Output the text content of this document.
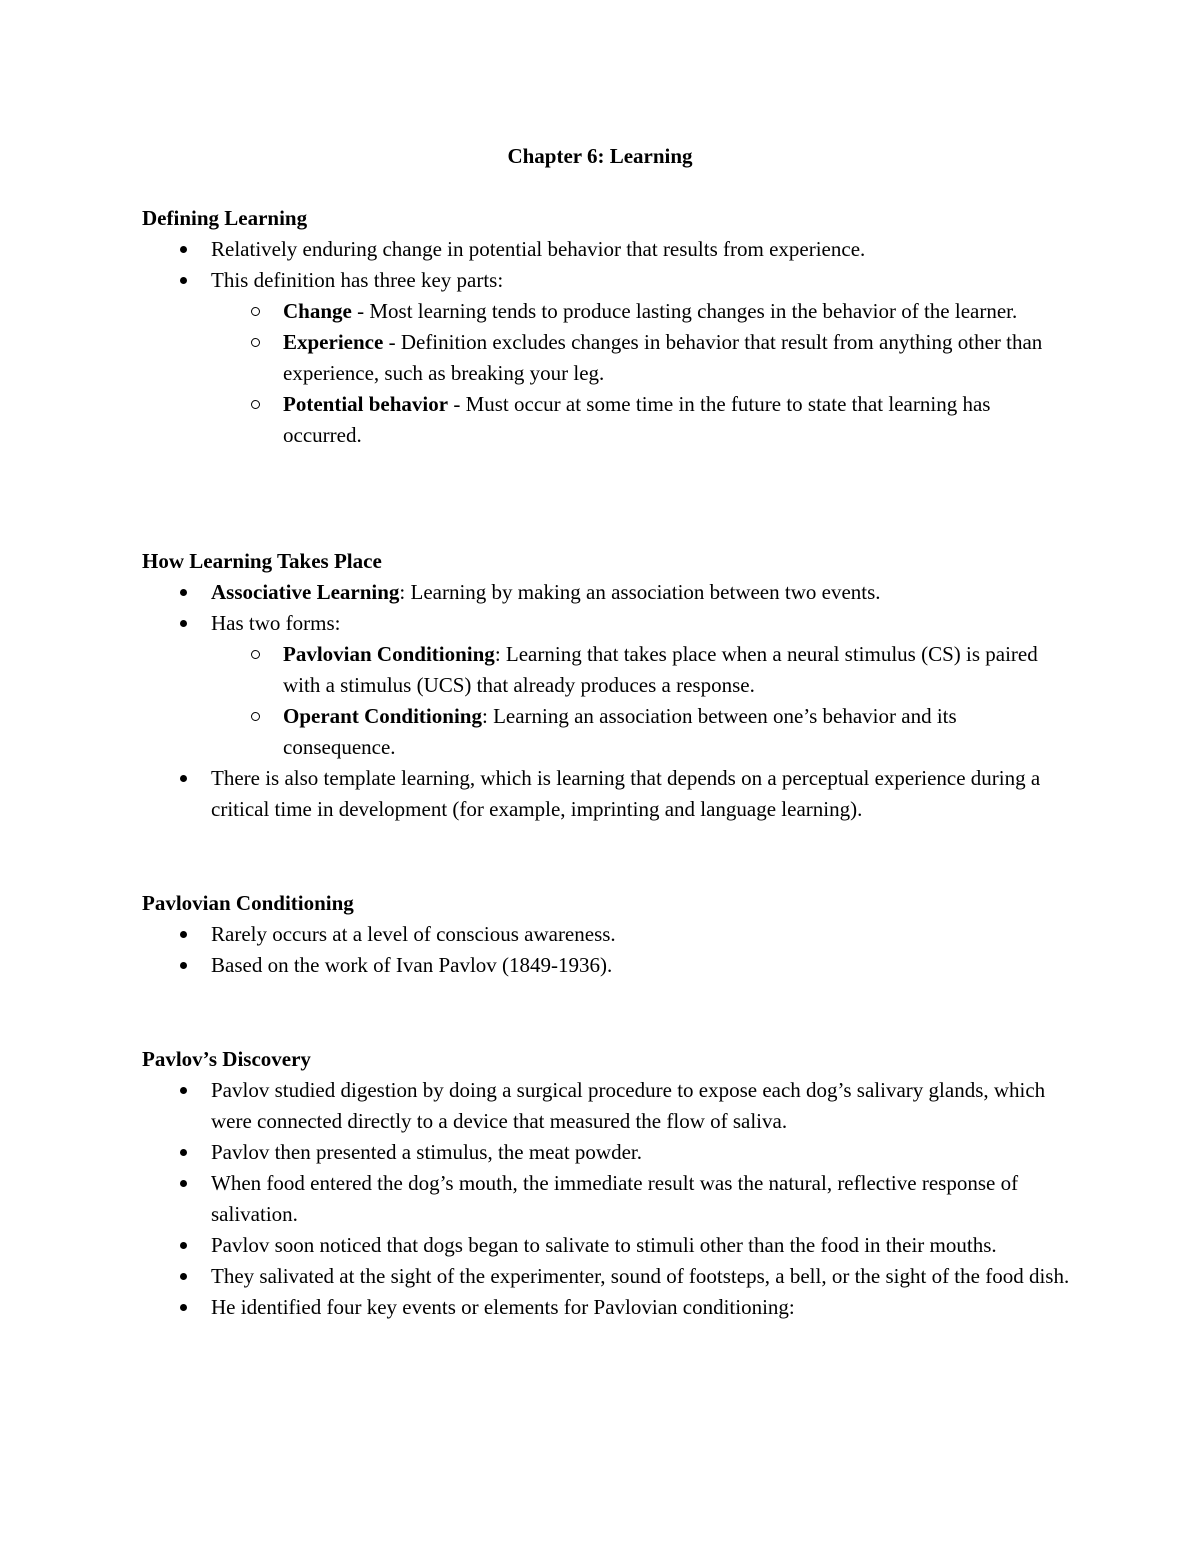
Chapter 6: Learning
Defining Learning
Relatively enduring change in potential behavior that results from experience.
This definition has three key parts:
Change - Most learning tends to produce lasting changes in the behavior of the learner.
Experience - Definition excludes changes in behavior that result from anything other than experience, such as breaking your leg.
Potential behavior - Must occur at some time in the future to state that learning has occurred.
How Learning Takes Place
Associative Learning: Learning by making an association between two events.
Has two forms:
Pavlovian Conditioning: Learning that takes place when a neural stimulus (CS) is paired with a stimulus (UCS) that already produces a response.
Operant Conditioning: Learning an association between one’s behavior and its consequence.
There is also template learning, which is learning that depends on a perceptual experience during a critical time in development (for example, imprinting and language learning).
Pavlovian Conditioning
Rarely occurs at a level of conscious awareness.
Based on the work of Ivan Pavlov (1849-1936).
Pavlov’s Discovery
Pavlov studied digestion by doing a surgical procedure to expose each dog’s salivary glands, which were connected directly to a device that measured the flow of saliva.
Pavlov then presented a stimulus, the meat powder.
When food entered the dog’s mouth, the immediate result was the natural, reflective response of salivation.
Pavlov soon noticed that dogs began to salivate to stimuli other than the food in their mouths.
They salivated at the sight of the experimenter, sound of footsteps, a bell, or the sight of the food dish.
He identified four key events or elements for Pavlovian conditioning:
